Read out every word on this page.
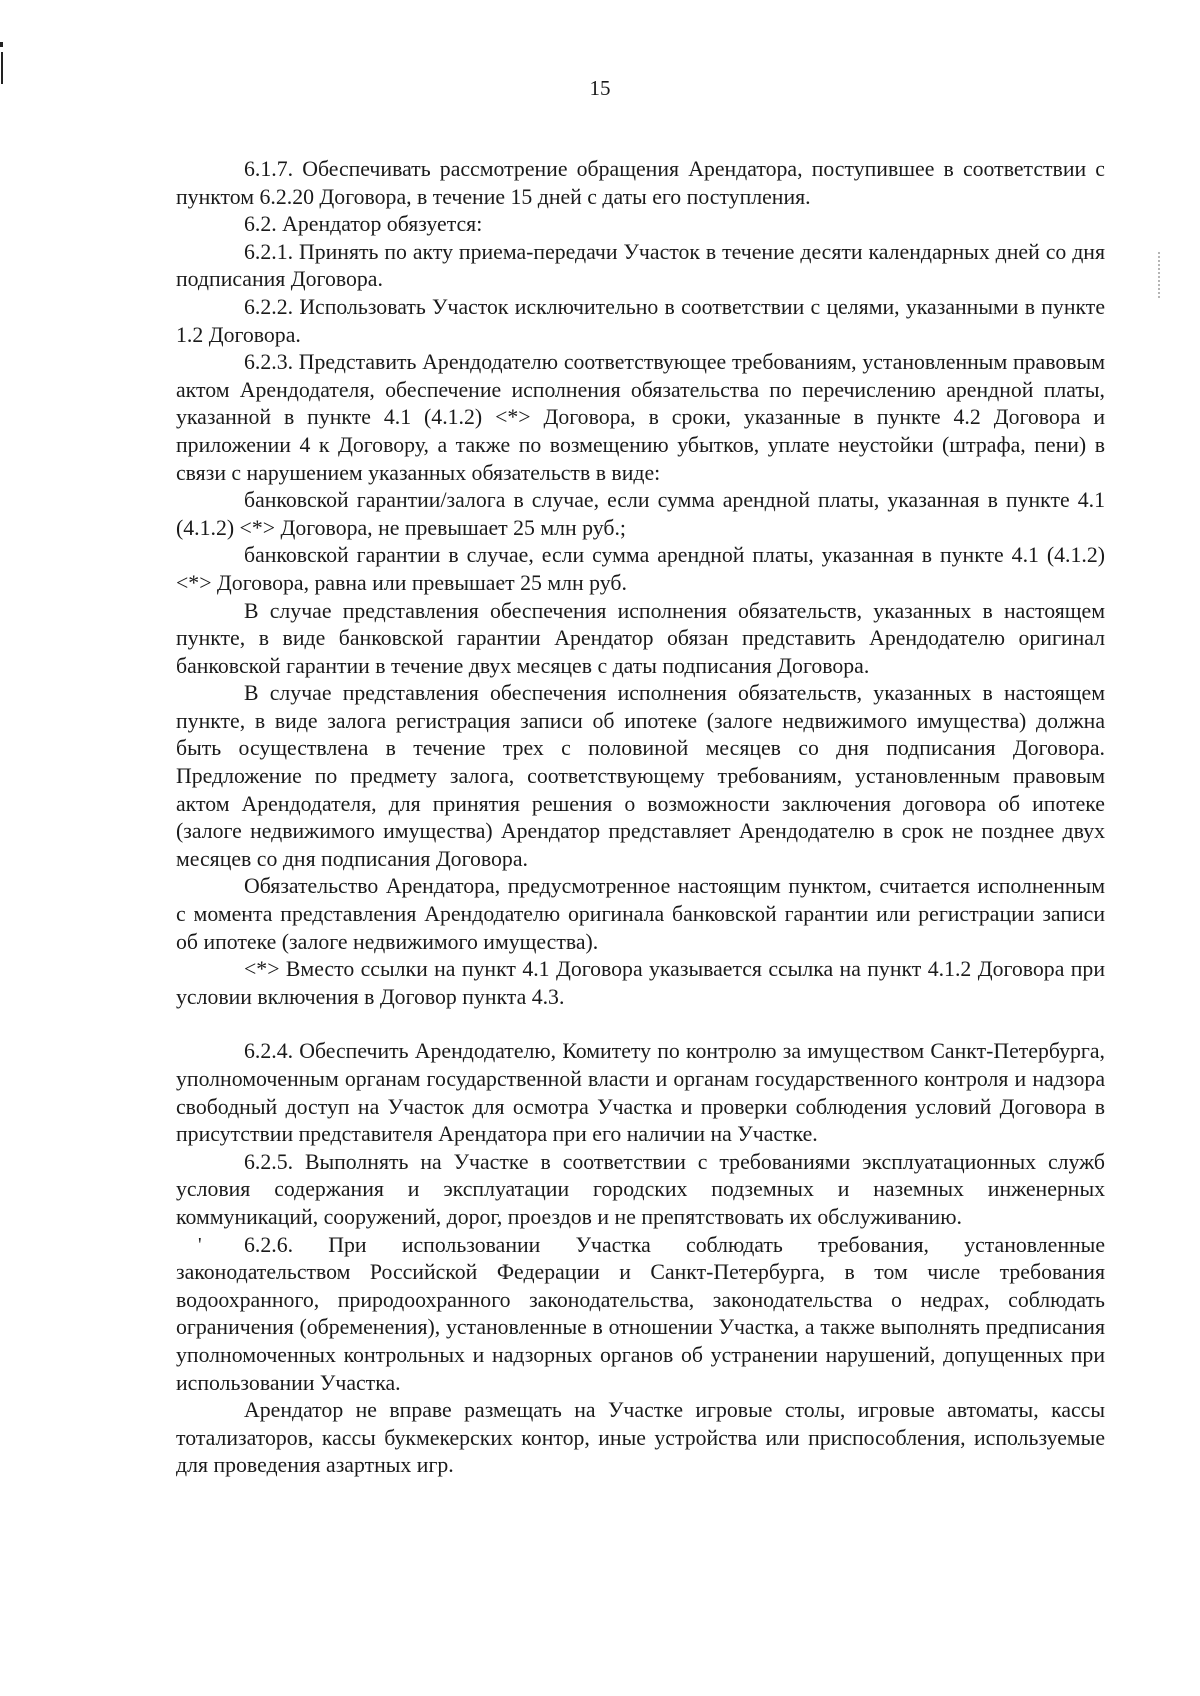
15

6.1.7. Обеспечивать рассмотрение обращения Арендатора, поступившее в соответствии с пунктом 6.2.20 Договора, в течение 15 дней с даты его поступления.

6.2. Арендатор обязуется:

6.2.1. Принять по акту приема-передачи Участок в течение десяти календарных дней со дня подписания Договора.

6.2.2. Использовать Участок исключительно в соответствии с целями, указанными в пункте 1.2 Договора.

6.2.3. Представить Арендодателю соответствующее требованиям, установленным правовым актом Арендодателя, обеспечение исполнения обязательства по перечислению арендной платы, указанной в пункте 4.1 (4.1.2) <*> Договора, в сроки, указанные в пункте 4.2 Договора и приложении 4 к Договору, а также по возмещению убытков, уплате неустойки (штрафа, пени) в связи с нарушением указанных обязательств в виде:

банковской гарантии/залога в случае, если сумма арендной платы, указанная в пункте 4.1 (4.1.2) <*> Договора, не превышает 25 млн руб.;

банковской гарантии в случае, если сумма арендной платы, указанная в пункте 4.1 (4.1.2) <*> Договора, равна или превышает 25 млн руб.

В случае представления обеспечения исполнения обязательств, указанных в настоящем пункте, в виде банковской гарантии Арендатор обязан представить Арендодателю оригинал банковской гарантии в течение двух месяцев с даты подписания Договора.

В случае представления обеспечения исполнения обязательств, указанных в настоящем пункте, в виде залога регистрация записи об ипотеке (залоге недвижимого имущества) должна быть осуществлена в течение трех с половиной месяцев со дня подписания Договора. Предложение по предмету залога, соответствующему требованиям, установленным правовым актом Арендодателя, для принятия решения о возможности заключения договора об ипотеке (залоге недвижимого имущества) Арендатор представляет Арендодателю в срок не позднее двух месяцев со дня подписания Договора.

Обязательство Арендатора, предусмотренное настоящим пунктом, считается исполненным с момента представления Арендодателю оригинала банковской гарантии или регистрации записи об ипотеке (залоге недвижимого имущества).

<*> Вместо ссылки на пункт 4.1 Договора указывается ссылка на пункт 4.1.2 Договора при условии включения в Договор пункта 4.3.

6.2.4. Обеспечить Арендодателю, Комитету по контролю за имуществом Санкт-Петербурга, уполномоченным органам государственной власти и органам государственного контроля и надзора свободный доступ на Участок для осмотра Участка и проверки соблюдения условий Договора в присутствии представителя Арендатора при его наличии на Участке.

6.2.5. Выполнять на Участке в соответствии с требованиями эксплуатационных служб условия содержания и эксплуатации городских подземных и наземных инженерных коммуникаций, сооружений, дорог, проездов и не препятствовать их обслуживанию.

' 6.2.6. При использовании Участка соблюдать требования, установленные законодательством Российской Федерации и Санкт-Петербурга, в том числе требования водоохранного, природоохранного законодательства, законодательства о недрах, соблюдать ограничения (обременения), установленные в отношении Участка, а также выполнять предписания уполномоченных контрольных и надзорных органов об устранении нарушений, допущенных при использовании Участка.

Арендатор не вправе размещать на Участке игровые столы, игровые автоматы, кассы тотализаторов, кассы букмекерских контор, иные устройства или приспособления, используемые для проведения азартных игр.
